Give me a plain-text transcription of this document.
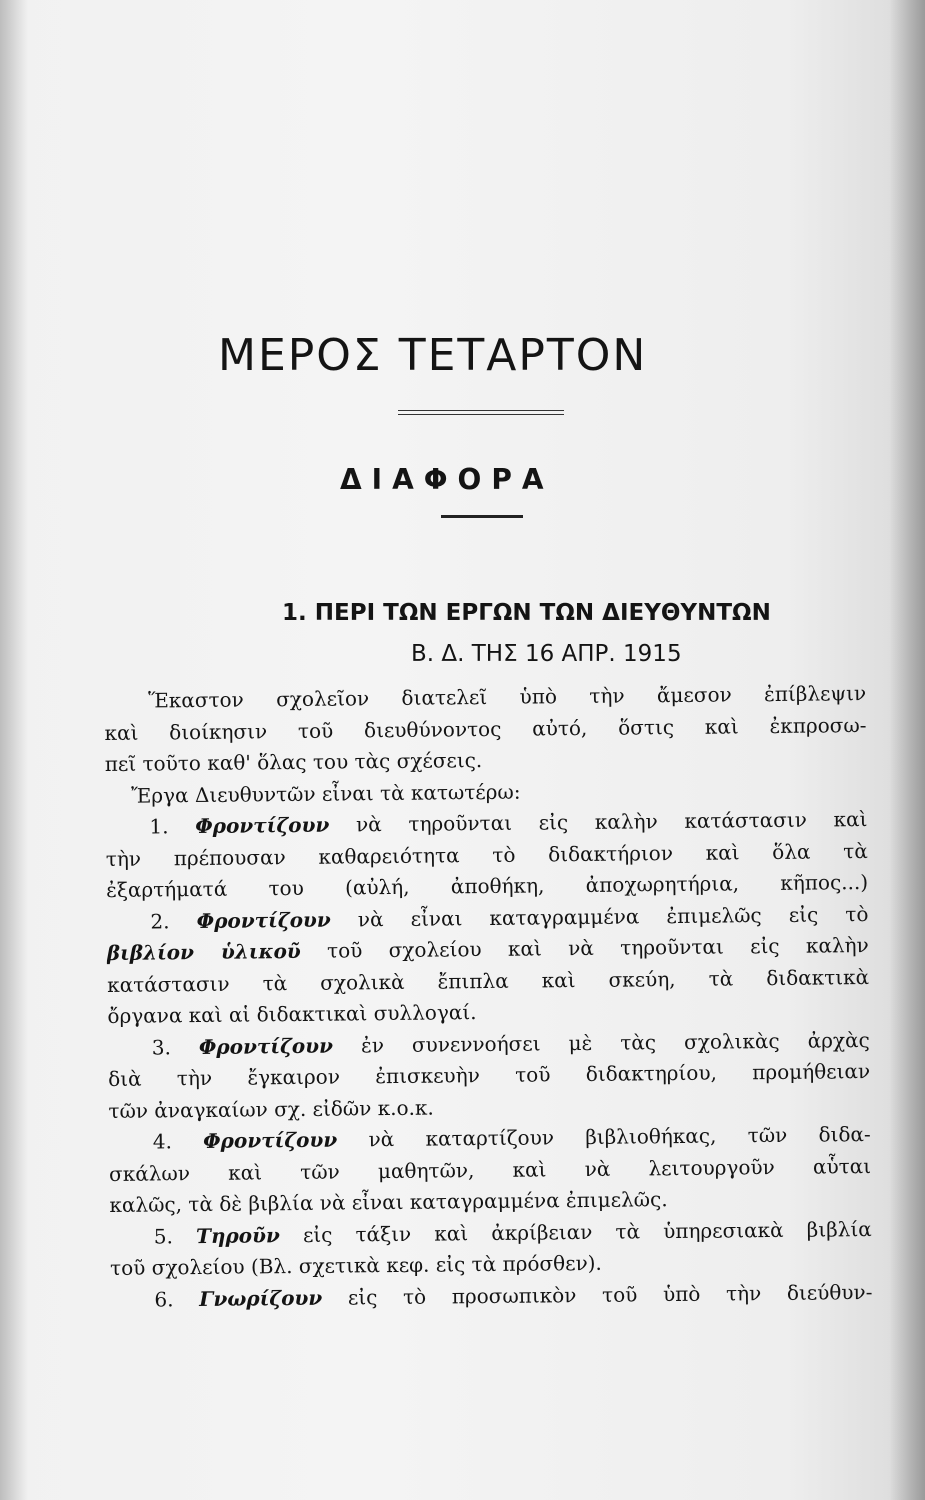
ΜΕΡΟΣ ΤΕΤΑΡΤΟΝ
ΔΙΑΦΟΡΑ
1. ΠΕΡΙ ΤΩΝ ΕΡΓΩΝ ΤΩΝ ΔΙΕΥΘΥΝΤΩΝ
Β. Δ. ΤΗΣ 16 ΑΠΡ. 1915
Ἕκαστον σχολεῖον διατελεῖ ὑπὸ τὴν ἄμεσον ἐπίβλεψιν
καὶ διοίκησιν τοῦ διευθύνοντος αὐτό, ὅστις καὶ ἐκπροσω-
πεῖ τοῦτο καθ' ὅλας του τὰς σχέσεις.
Ἔργα Διευθυντῶν εἶναι τὰ κατωτέρω:
1. Φροντίζουν νὰ τηροῦνται εἰς καλὴν κατάστασιν καὶ
τὴν πρέπουσαν καθαρειότητα τὸ διδακτήριον καὶ ὅλα τὰ
ἐξαρτήματά του (αὐλή, ἀποθήκη, ἀποχωρητήρια, κῆπος...)
2. Φροντίζουν νὰ εἶναι καταγραμμένα ἐπιμελῶς εἰς τὸ
βιβλίον ὑλικοῦ τοῦ σχολείου καὶ νὰ τηροῦνται εἰς καλὴν
κατάστασιν τὰ σχολικὰ ἔπιπλα καὶ σκεύη, τὰ διδακτικὰ
ὄργανα καὶ αἱ διδακτικαὶ συλλογαί.
3. Φροντίζουν ἐν συνεννοήσει μὲ τὰς σχολικὰς ἀρχὰς
διὰ τὴν ἔγκαιρον ἐπισκευὴν τοῦ διδακτηρίου, προμήθειαν
τῶν ἀναγκαίων σχ. εἰδῶν κ.ο.κ.
4. Φροντίζουν νὰ καταρτίζουν βιβλιοθήκας, τῶν διδα-
σκάλων καὶ τῶν μαθητῶν, καὶ νὰ λειτουργοῦν αὗται
καλῶς, τὰ δὲ βιβλία νὰ εἶναι καταγραμμένα ἐπιμελῶς.
5. Τηροῦν εἰς τάξιν καὶ ἀκρίβειαν τὰ ὑπηρεσιακὰ βιβλία
τοῦ σχολείου (Βλ. σχετικὰ κεφ. εἰς τὰ πρόσθεν).
6. Γνωρίζουν εἰς τὸ προσωπικὸν τοῦ ὑπὸ τὴν διεύθυν-
